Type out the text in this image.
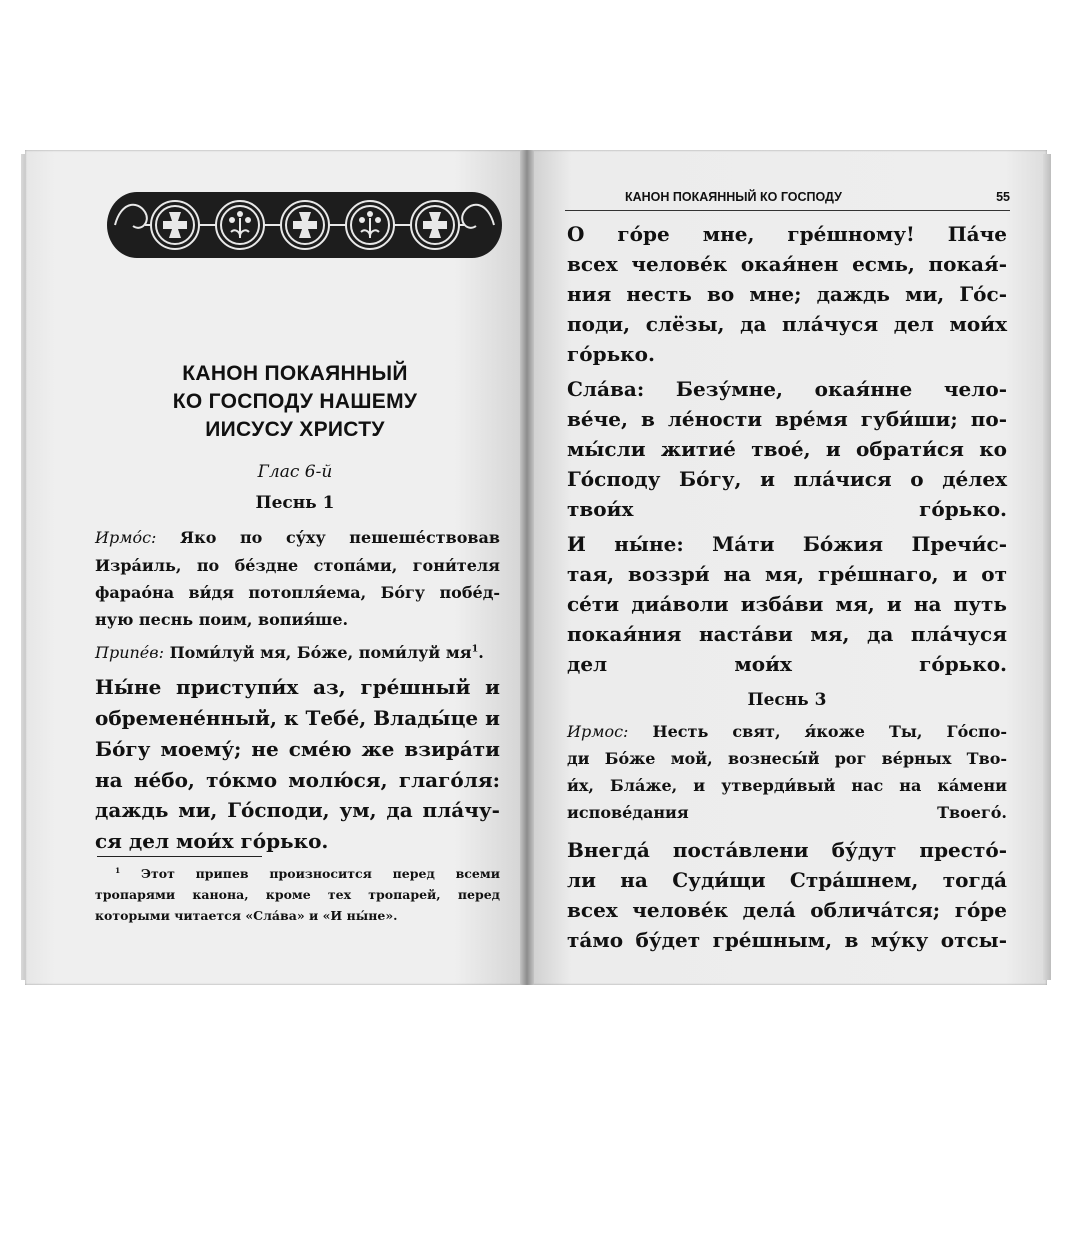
КАНОН ПОКАЯННЫЙ
КО ГОСПОДУ НАШЕМУ
ИИСУСУ ХРИСТУ
Глас 6-й
Песнь 1
Ирмо́с: Яко по су́ху пешеше́ствовав
Изра́иль, по бе́здне стопа́ми, гони́теля
фарао́на ви́дя потопля́ема, Бо́гу побе́д-
ную песнь поим, вопия́ше.
Припе́в: Поми́луй мя, Бо́же, поми́луй $мя^1$.
Ны́не приступи́х аз, гре́шный и
обремене́нный, к Тебе́, Влады́це и
Бо́гу моему́; не сме́ю же взира́ти
на не́бо, то́кмо молю́ся, глаго́ля:
даждь ми, Го́споди, ум, да пла́чу-
ся дел мои́х го́рько.
$^1$ Этот припев произносится перед всеми
тропарями канона, кроме тех тропарей, перед
которыми читается «Сла́ва» и «И ны́не».
КАНОН ПОКАЯННЫЙ КО ГОСПОДУ	55
О го́ре мне, гре́шному! Па́че
всех челове́к окая́нен есмь, покая́-
ния несть во мне; даждь ми, Го́с-
поди, слёзы, да пла́чуся дел мои́х
го́рько.
Сла́ва: Безу́мне, окая́нне чело-
ве́че, в ле́ности вре́мя губи́ши; по-
мы́сли житие́ твое́, и обрати́ся ко
Го́споду Бо́гу, и пла́чися о де́лех
твои́х го́рько.
И ны́не: Ма́ти Бо́жия Пречи́с-
тая, воззри́ на мя, гре́шнаго, и от
се́ти диа́воли избáви мя, и на путь
покая́ния наста́ви мя, да пла́чуся
дел мои́х го́рько.
Песнь 3
Ирмос: Несть свят, я́коже Ты, Го́спо-
ди Бо́же мой, вознесы́й рог ве́рных Тво-
и́х, Бла́же, и утверди́вый нас на ка́мени
испове́дания Твоего́.
Внегда́ поста́влени бу́дут престо́-
ли на Суди́щи Стра́шнем, тогда́
всех челове́к дела́ облича́тся; го́ре
та́мо бу́дет гре́шным, в му́ку отсы-
